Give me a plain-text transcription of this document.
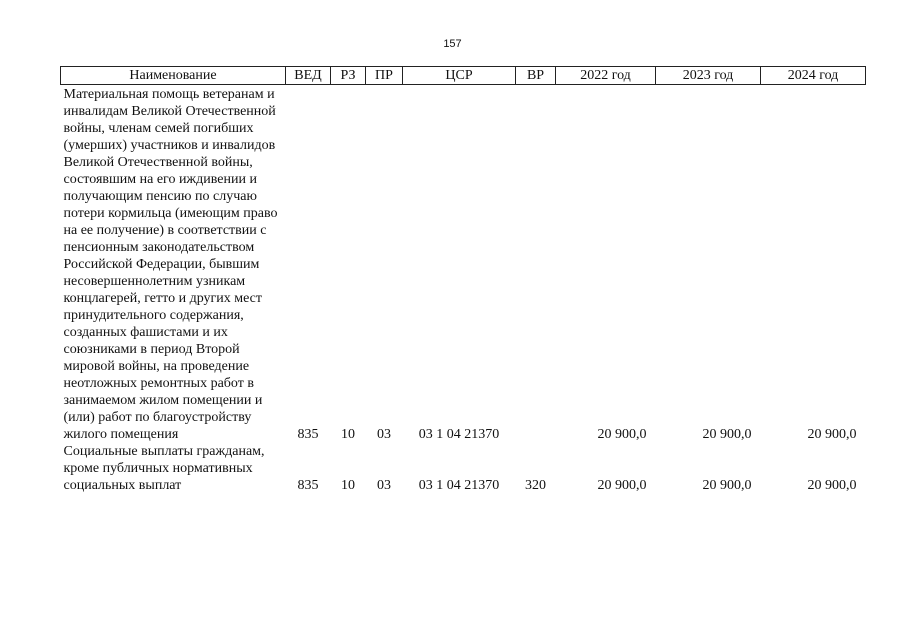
157
Наименование	ВЕД	РЗ	ПР	ЦСР	ВР	2022 год	2023 год	2024 год
Материальная помощь ветеранам и инвалидам Великой Отечественной войны, членам семей погибших (умерших) участников и инвалидов Великой Отечественной войны, состоявшим на его иждивении и получающим пенсию по случаю потери кормильца (имеющим право на ее получение) в соответствии с пенсионным законодательством Российской Федерации, бывшим несовершеннолетним узникам концлагерей, гетто и других мест принудительного содержания, созданных фашистами и их союзниками в период Второй мировой войны, на проведение неотложных ремонтных работ в занимаемом жилом помещении и (или) работ по благоустройству жилого помещения	835	10	03	03 1 04 21370		20 900,0	20 900,0	20 900,0
Социальные выплаты гражданам, кроме публичных нормативных социальных выплат	835	10	03	03 1 04 21370	320	20 900,0	20 900,0	20 900,0
